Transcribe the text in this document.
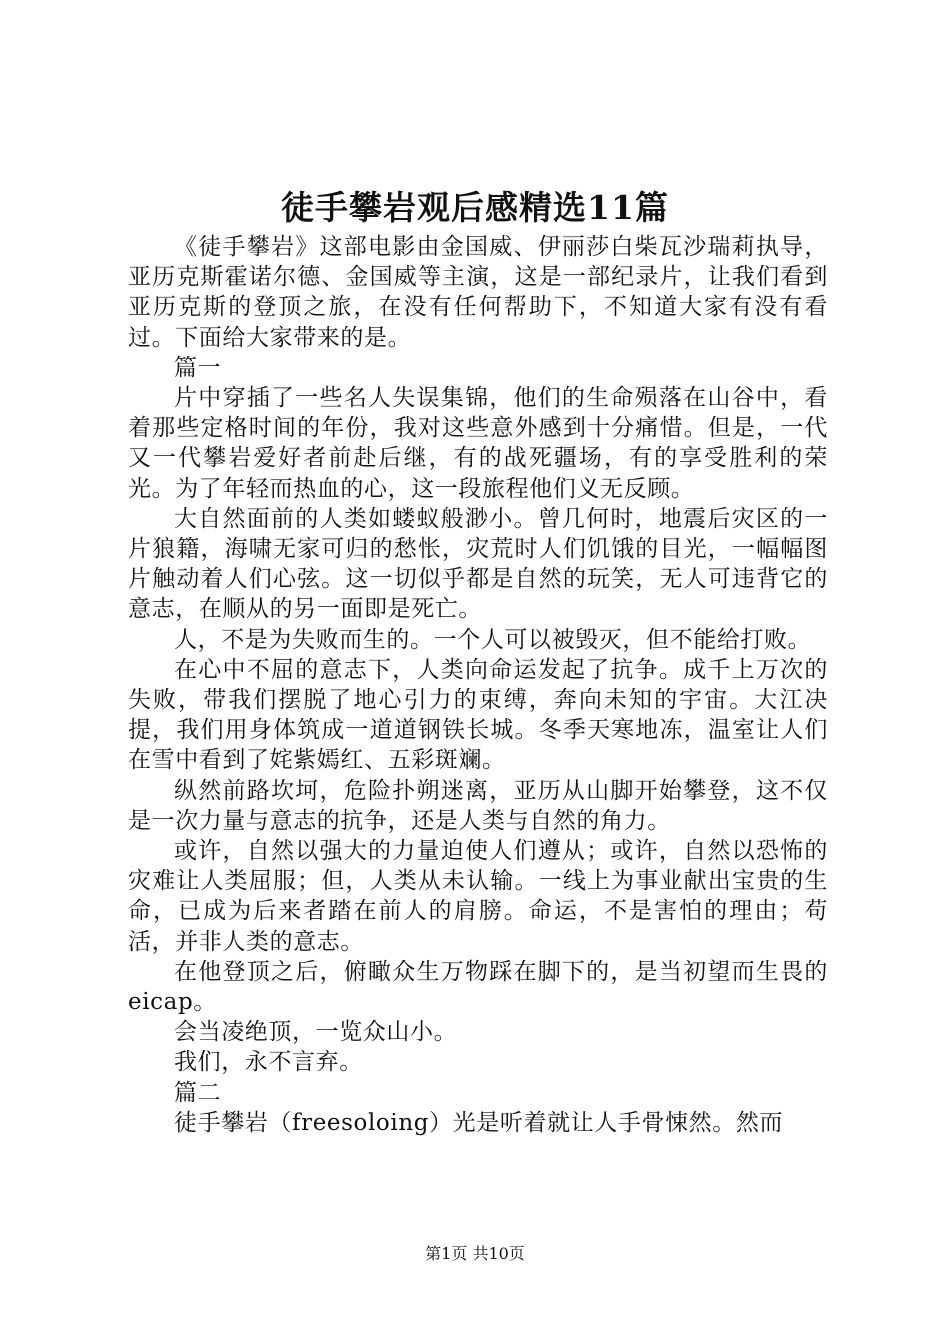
徒手攀岩观后感精选11篇

《徒手攀岩》这部电影由金国威、伊丽莎白柴瓦沙瑞莉执导，亚历克斯霍诺尔德、金国威等主演，这是一部纪录片，让我们看到亚历克斯的登顶之旅，在没有任何帮助下，不知道大家有没有看过。下面给大家带来的是。

篇一

片中穿插了一些名人失误集锦，他们的生命殒落在山谷中，看着那些定格时间的年份，我对这些意外感到十分痛惜。但是，一代又一代攀岩爱好者前赴后继，有的战死疆场，有的享受胜利的荣光。为了年轻而热血的心，这一段旅程他们义无反顾。

大自然面前的人类如蝼蚁般渺小。曾几何时，地震后灾区的一片狼籍，海啸无家可归的愁怅，灾荒时人们饥饿的目光，一幅幅图片触动着人们心弦。这一切似乎都是自然的玩笑，无人可违背它的意志，在顺从的另一面即是死亡。

人，不是为失败而生的。一个人可以被毁灭，但不能给打败。

在心中不屈的意志下，人类向命运发起了抗争。成千上万次的失败，带我们摆脱了地心引力的束缚，奔向未知的宇宙。大江决提，我们用身体筑成一道道钢铁长城。冬季天寒地冻，温室让人们在雪中看到了姹紫嫣红、五彩斑斓。

纵然前路坎坷，危险扑朔迷离，亚历从山脚开始攀登，这不仅是一次力量与意志的抗争，还是人类与自然的角力。

或许，自然以强大的力量迫使人们遵从；或许，自然以恐怖的灾难让人类屈服；但，人类从未认输。一线上为事业献出宝贵的生命，已成为后来者踏在前人的肩膀。命运，不是害怕的理由；苟活，并非人类的意志。

在他登顶之后，俯瞰众生万物踩在脚下的，是当初望而生畏的eicap。

会当凌绝顶，一览众山小。

我们，永不言弃。

篇二

徒手攀岩（freesoloing）光是听着就让人手骨悚然。然而

第1页 共10页
